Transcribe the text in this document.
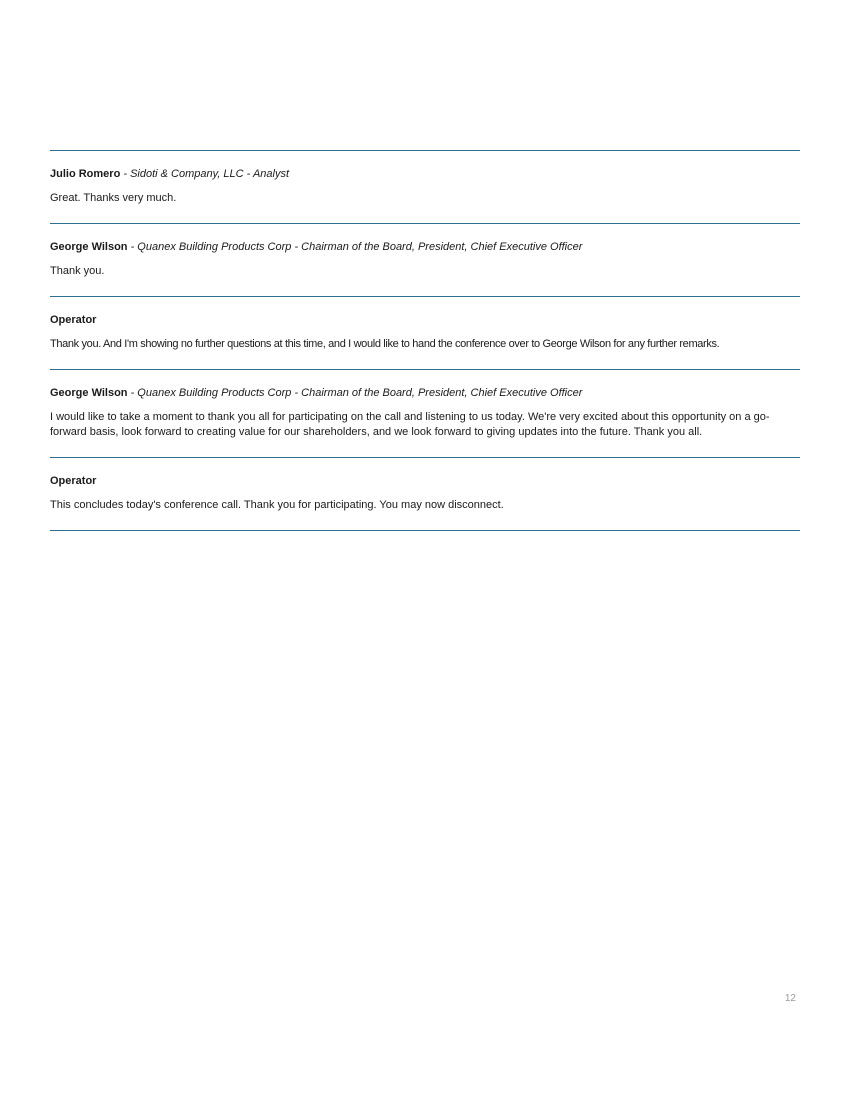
Julio Romero - Sidoti & Company, LLC - Analyst

Great. Thanks very much.

George Wilson - Quanex Building Products Corp - Chairman of the Board, President, Chief Executive Officer

Thank you.

Operator

Thank you. And I'm showing no further questions at this time, and I would like to hand the conference over to George Wilson for any further remarks.

George Wilson - Quanex Building Products Corp - Chairman of the Board, President, Chief Executive Officer

I would like to take a moment to thank you all for participating on the call and listening to us today. We're very excited about this opportunity on a go-forward basis, look forward to creating value for our shareholders, and we look forward to giving updates into the future. Thank you all.

Operator

This concludes today's conference call. Thank you for participating. You may now disconnect.

12
